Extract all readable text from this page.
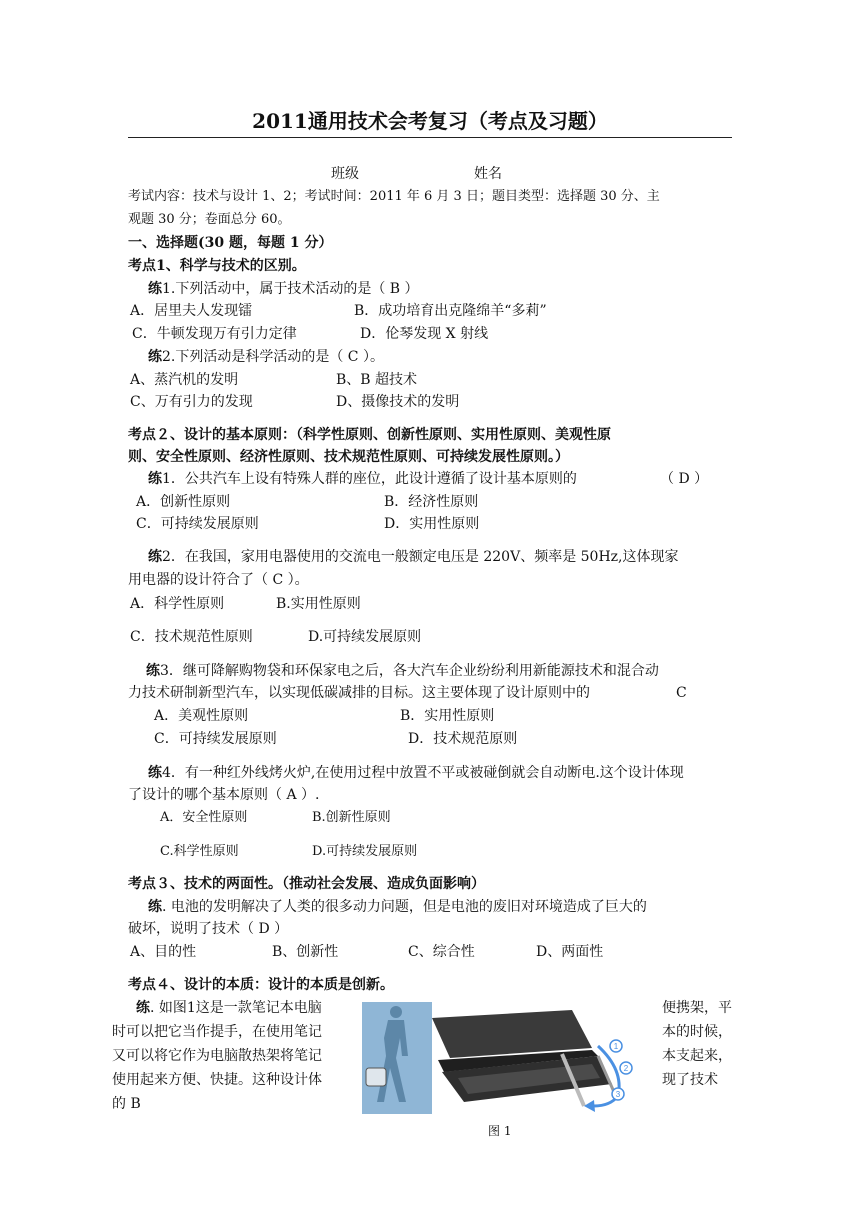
2011通用技术会考复习（考点及习题）
班级	姓名
考试内容：技术与设计 1、2；考试时间：2011 年 6 月 3 日；题目类型：选择题 30 分、主
观题 30 分；卷面总分 60。
一、选择题(30 题，每题 1 分）
考点1、科学与技术的区别。
练1.下列活动中，属于技术活动的是（ B ）
A．居里夫人发现镭	B．成功培育出克隆绵羊“多莉”
C．牛顿发现万有引力定律	D．伦琴发现 X 射线
练2.下列活动是科学活动的是（ C ）。
A、蒸汽机的发明	B、B 超技术
C、万有引力的发现	D、摄像技术的发明
考点２、设计的基本原则：（科学性原则、创新性原则、实用性原则、美观性原
则、安全性原则、经济性原则、技术规范性原则、可持续发展性原则。）
练1．公共汽车上设有特殊人群的座位，此设计遵循了设计基本原则的	（ D ）
A．创新性原则	B．经济性原则
C．可持续发展原则	D．实用性原则
练2．在我国，家用电器使用的交流电一般额定电压是 220V、频率是 50Hz,这体现家
用电器的设计符合了（ C ）。
A．科学性原则	B.实用性原则
C．技术规范性原则	D.可持续发展原则
练3．继可降解购物袋和环保家电之后，各大汽车企业纷纷利用新能源技术和混合动
力技术研制新型汽车，以实现低碳减排的目标。这主要体现了设计原则中的	C
A．美观性原则	B．实用性原则
C．可持续发展原则	D．技术规范原则
练4．有一种红外线烤火炉,在使用过程中放置不平或被碰倒就会自动断电.这个设计体现
了设计的哪个基本原则（ A ）.
A．安全性原则	B.创新性原则
C.科学性原则	D.可持续发展原则
考点３、技术的两面性。（推动社会发展、造成负面影响）
练. 电池的发明解决了人类的很多动力问题，但是电池的废旧对环境造成了巨大的
破坏，说明了技术（ D ）
A、目的性	B、创新性	C、综合性	D、两面性
考点４、设计的本质：设计的本质是创新。
练. 如图1这是一款笔记本电脑
时可以把它当作提手，在使用笔记
又可以将它作为电脑散热架将笔记
使用起来方便、快捷。这种设计体
的 B
便携架，平
本的时候，
本支起来，
现了技术
1
2
3
图 1
